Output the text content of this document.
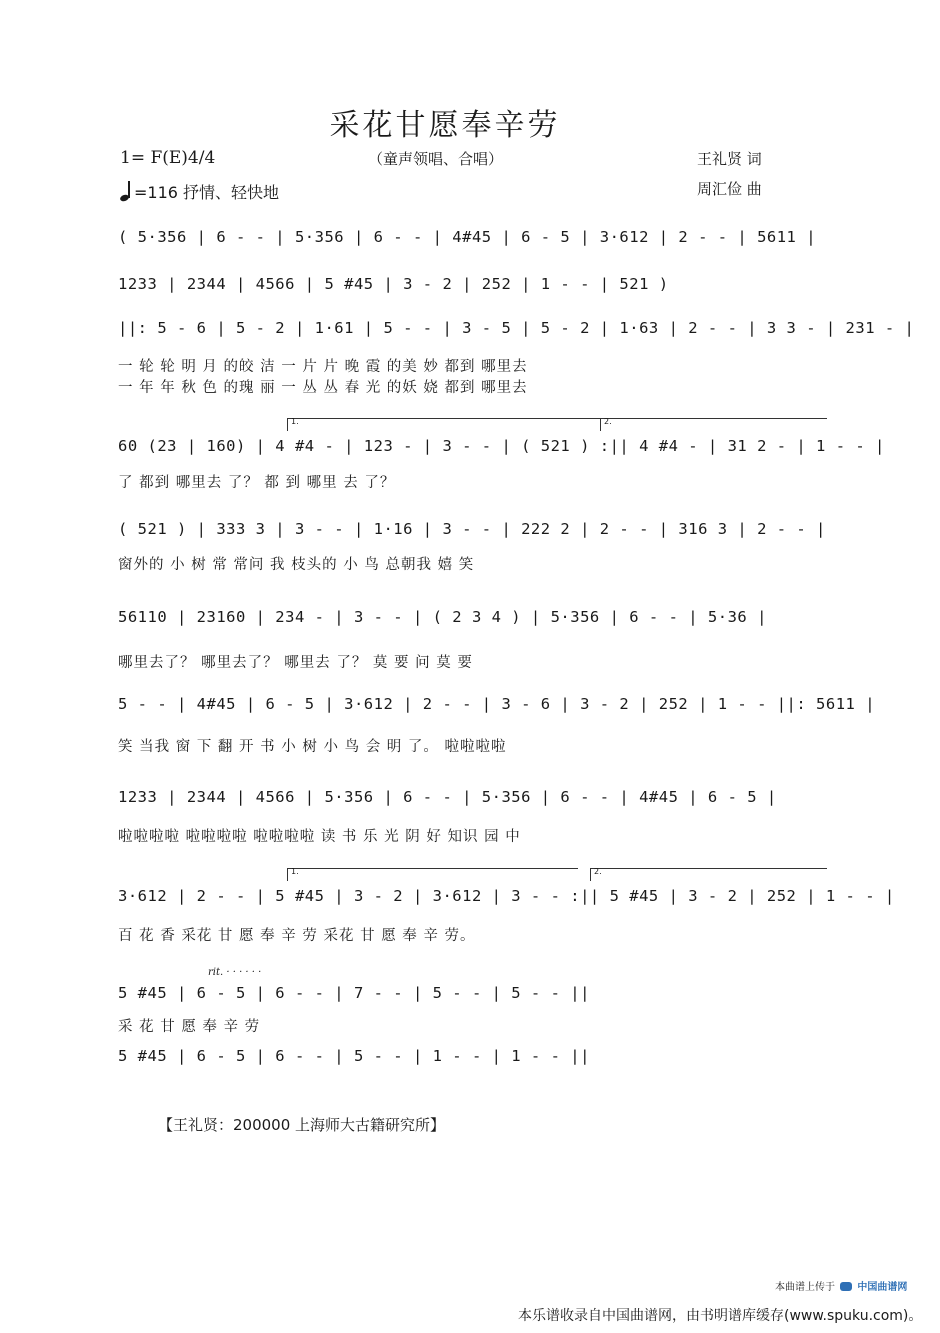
采花甘愿奉辛劳
（童声领唱、合唱）
1= F(E)4/4
=116 抒情、轻快地
王礼贤 词
周汇俭 曲
( 5·356 | 6 - - | 5·356 | 6 - - | 4#45 | 6 - 5 | 3·612 | 2 - - | 5611 |
1233 | 2344 | 4566 | 5 #45 | 3 - 2 | 252 | 1 - - | 521 )
||: 5 - 6 | 5 - 2 | 1·61 | 5 - - | 3 - 5 | 5 - 2 | 1·63 | 2 - - | 3 3 - | 231 - |
一 轮 轮 明 月 的皎 洁 一 片 片 晚 霞 的美 妙 都到 哪里去
一 年 年 秋 色 的瑰 丽 一 丛 丛 春 光 的妖 娆 都到 哪里去
1.	2.
60 (23 | 160) | 4 #4 - | 123 - | 3 - - | ( 521 ) :|| 4 #4 - | 31 2 - | 1 - - |
了 都到 哪里去 了？ 都 到 哪里 去 了？
( 521 ) | 333 3 | 3 - - | 1·16 | 3 - - | 222 2 | 2 - - | 316 3 | 2 - - |
窗外的 小 树 常 常问 我 枝头的 小 鸟 总朝我 嬉 笑
56110 | 23160 | 234 - | 3 - - | ( 2 3 4 ) | 5·356 | 6 - - | 5·36 |
哪里去了？ 哪里去了？ 哪里去 了？ 莫 要 问 莫 要
5 - - | 4#45 | 6 - 5 | 3·612 | 2 - - | 3 - 6 | 3 - 2 | 252 | 1 - - ||: 5611 |
笑 当我 窗 下 翻 开 书 小 树 小 鸟 会 明 了。 啦啦啦啦
1233 | 2344 | 4566 | 5·356 | 6 - - | 5·356 | 6 - - | 4#45 | 6 - 5 |
啦啦啦啦 啦啦啦啦 啦啦啦啦 读 书 乐 光 阴 好 知识 园 中
1.	2.
3·612 | 2 - - | 5 #45 | 3 - 2 | 3·612 | 3 - - :|| 5 #45 | 3 - 2 | 252 | 1 - - |
百 花 香 采花 甘 愿 奉 辛 劳 采花 甘 愿 奉 辛 劳。
rit. · · · · · ·
5 #45 | 6 - 5 | 6 - - | 7 - - | 5 - - | 5 - - ||
采 花 甘 愿 奉 辛 劳
5 #45 | 6 - 5 | 6 - - | 5 - - | 1 - - | 1 - - ||
【王礼贤：200000 上海师大古籍研究所】
本曲谱上传于 中国曲谱网
本乐谱收录自中国曲谱网，由书明谱库缓存(www.spuku.com)。
